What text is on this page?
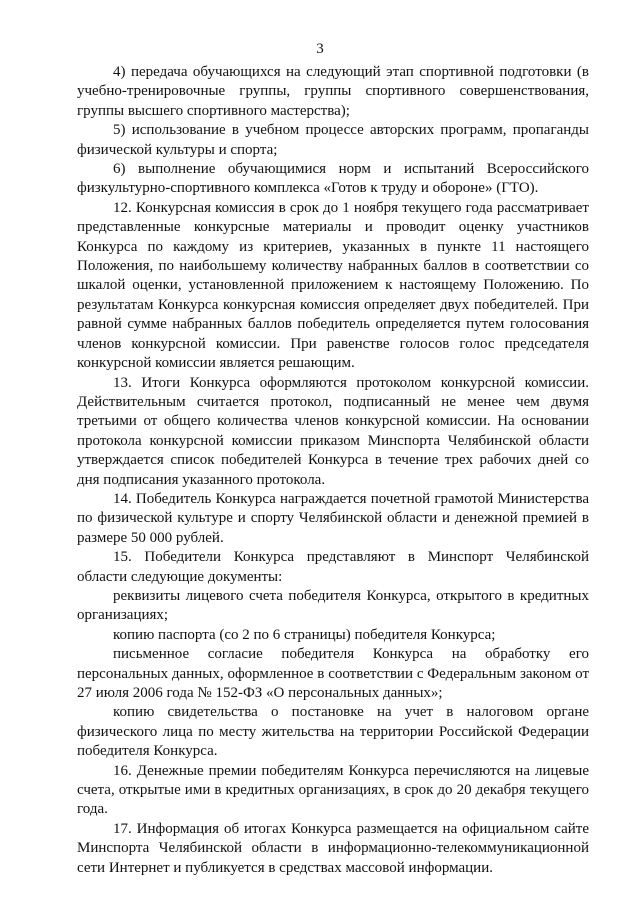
3

4) передача обучающихся на следующий этап спортивной подготовки (в учебно-тренировочные группы, группы спортивного совершенствования, группы высшего спортивного мастерства);

5) использование в учебном процессе авторских программ, пропаганды физической культуры и спорта;

6) выполнение обучающимися норм и испытаний Всероссийского физкультурно-спортивного комплекса «Готов к труду и обороне» (ГТО).

12. Конкурсная комиссия в срок до 1 ноября текущего года рассматривает представленные конкурсные материалы и проводит оценку участников Конкурса по каждому из критериев, указанных в пункте 11 настоящего Положения, по наибольшему количеству набранных баллов в соответствии со шкалой оценки, установленной приложением к настоящему Положению. По результатам Конкурса конкурсная комиссия определяет двух победителей. При равной сумме набранных баллов победитель определяется путем голосования членов конкурсной комиссии. При равенстве голосов голос председателя конкурсной комиссии является решающим.

13. Итоги Конкурса оформляются протоколом конкурсной комиссии. Действительным считается протокол, подписанный не менее чем двумя третьими от общего количества членов конкурсной комиссии. На основании протокола конкурсной комиссии приказом Минспорта Челябинской области утверждается список победителей Конкурса в течение трех рабочих дней со дня подписания указанного протокола.

14. Победитель Конкурса награждается почетной грамотой Министерства по физической культуре и спорту Челябинской области и денежной премией в размере 50 000 рублей.

15. Победители Конкурса представляют в Минспорт Челябинской области следующие документы:

реквизиты лицевого счета победителя Конкурса, открытого в кредитных организациях;

копию паспорта (со 2 по 6 страницы) победителя Конкурса;

письменное согласие победителя Конкурса на обработку его персональных данных, оформленное в соответствии с Федеральным законом от 27 июля 2006 года № 152-ФЗ «О персональных данных»;

копию свидетельства о постановке на учет в налоговом органе физического лица по месту жительства на территории Российской Федерации победителя Конкурса.

16. Денежные премии победителям Конкурса перечисляются на лицевые счета, открытые ими в кредитных организациях, в срок до 20 декабря текущего года.

17. Информация об итогах Конкурса размещается на официальном сайте Минспорта Челябинской области в информационно-телекоммуникационной сети Интернет и публикуется в средствах массовой информации.
